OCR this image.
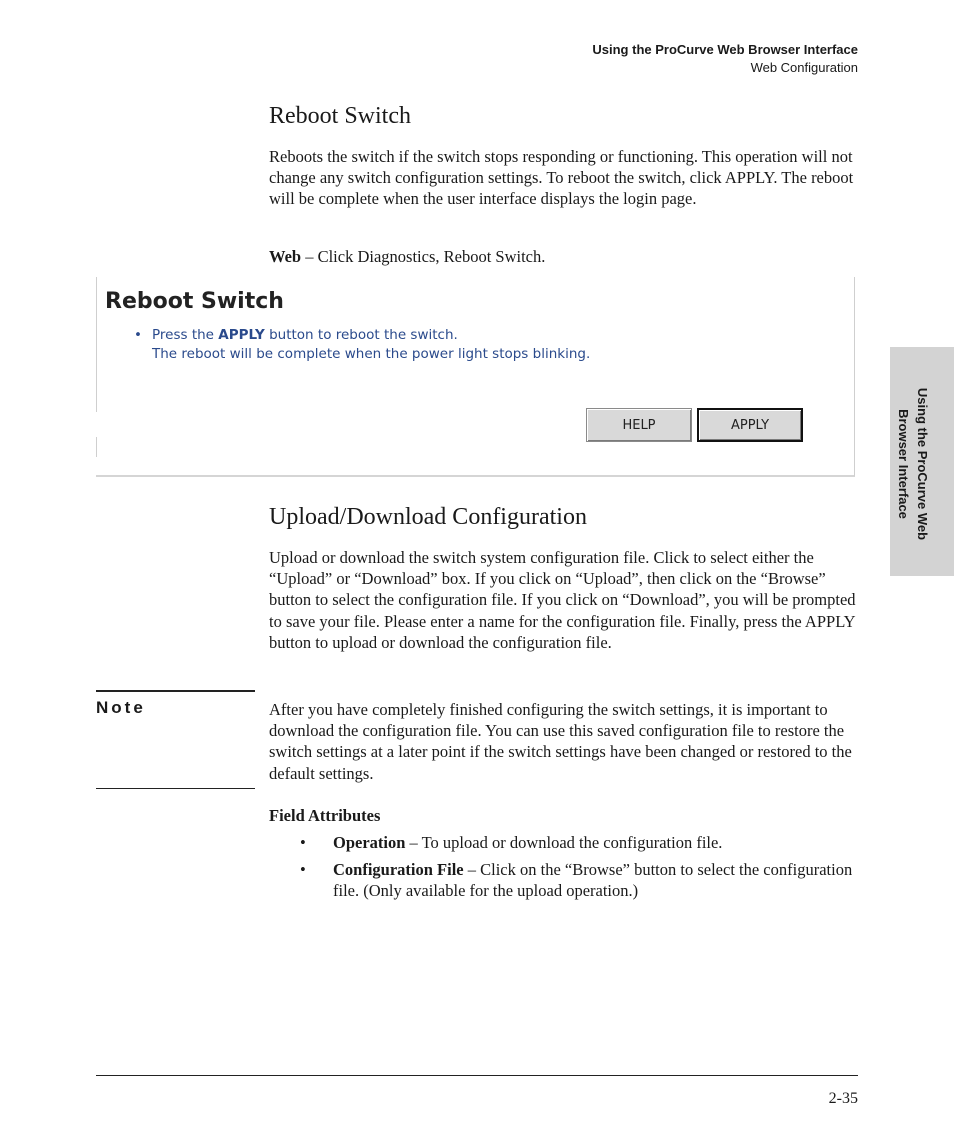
Using the ProCurve Web Browser Interface
Web Configuration
Using the ProCurve Web
Browser Interface
Reboot Switch

Reboots the switch if the switch stops responding or functioning. This operation will not change any switch configuration settings. To reboot the switch, click APPLY. The reboot will be complete when the user interface displays the login page.

Web – Click Diagnostics, Reboot Switch.

Reboot Switch
• Press the APPLY button to reboot the switch.
The reboot will be complete when the power light stops blinking.
HELP	APPLY
Upload/Download Configuration

Upload or download the switch system configuration file. Click to select either the “Upload” or “Download” box. If you click on “Upload”, then click on the “Browse” button to select the configuration file. If you click on “Download”, you will be prompted to save your file. Please enter a name for the configuration file. Finally, press the APPLY button to upload or download the configuration file.

Note	After you have completely finished configuring the switch settings, it is important to download the configuration file. You can use this saved configuration file to restore the switch settings at a later point if the switch settings have been changed or restored to the default settings.

Field Attributes
• Operation – To upload or download the configuration file.
• Configuration File – Click on the “Browse” button to select the configuration file. (Only available for the upload operation.)
2-35
